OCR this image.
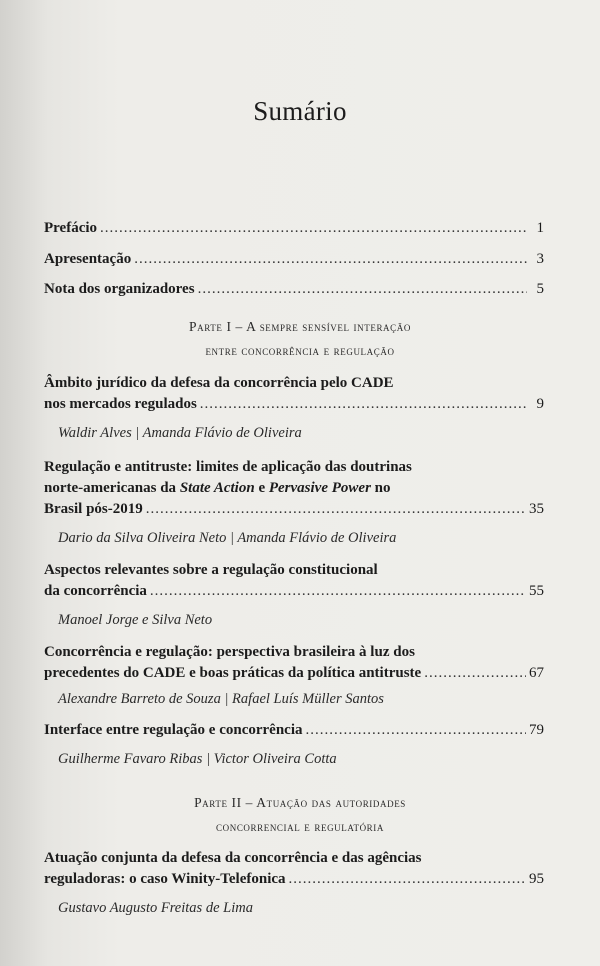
Sumário
Prefácio .....	1
Apresentação .....	3
Nota dos organizadores .....	5
Parte I – A sempre sensível interação
entre concorrência e regulação
Âmbito jurídico da defesa da concorrência pelo CADE
nos mercados regulados .....	9
Waldir Alves | Amanda Flávio de Oliveira
Regulação e antitruste: limites de aplicação das doutrinas
norte-americanas da State Action e Pervasive Power no
Brasil pós-2019 .....	35
Dario da Silva Oliveira Neto | Amanda Flávio de Oliveira
Aspectos relevantes sobre a regulação constitucional
da concorrência .....	55
Manoel Jorge e Silva Neto
Concorrência e regulação: perspectiva brasileira à luz dos
precedentes do CADE e boas práticas da política antitruste .....	67
Alexandre Barreto de Souza | Rafael Luís Müller Santos
Interface entre regulação e concorrência .....	79
Guilherme Favaro Ribas | Victor Oliveira Cotta
Parte II – Atuação das autoridades
concorrencial e regulatória
Atuação conjunta da defesa da concorrência e das agências
reguladoras: o caso Winity-Telefonica .....	95
Gustavo Augusto Freitas de Lima
